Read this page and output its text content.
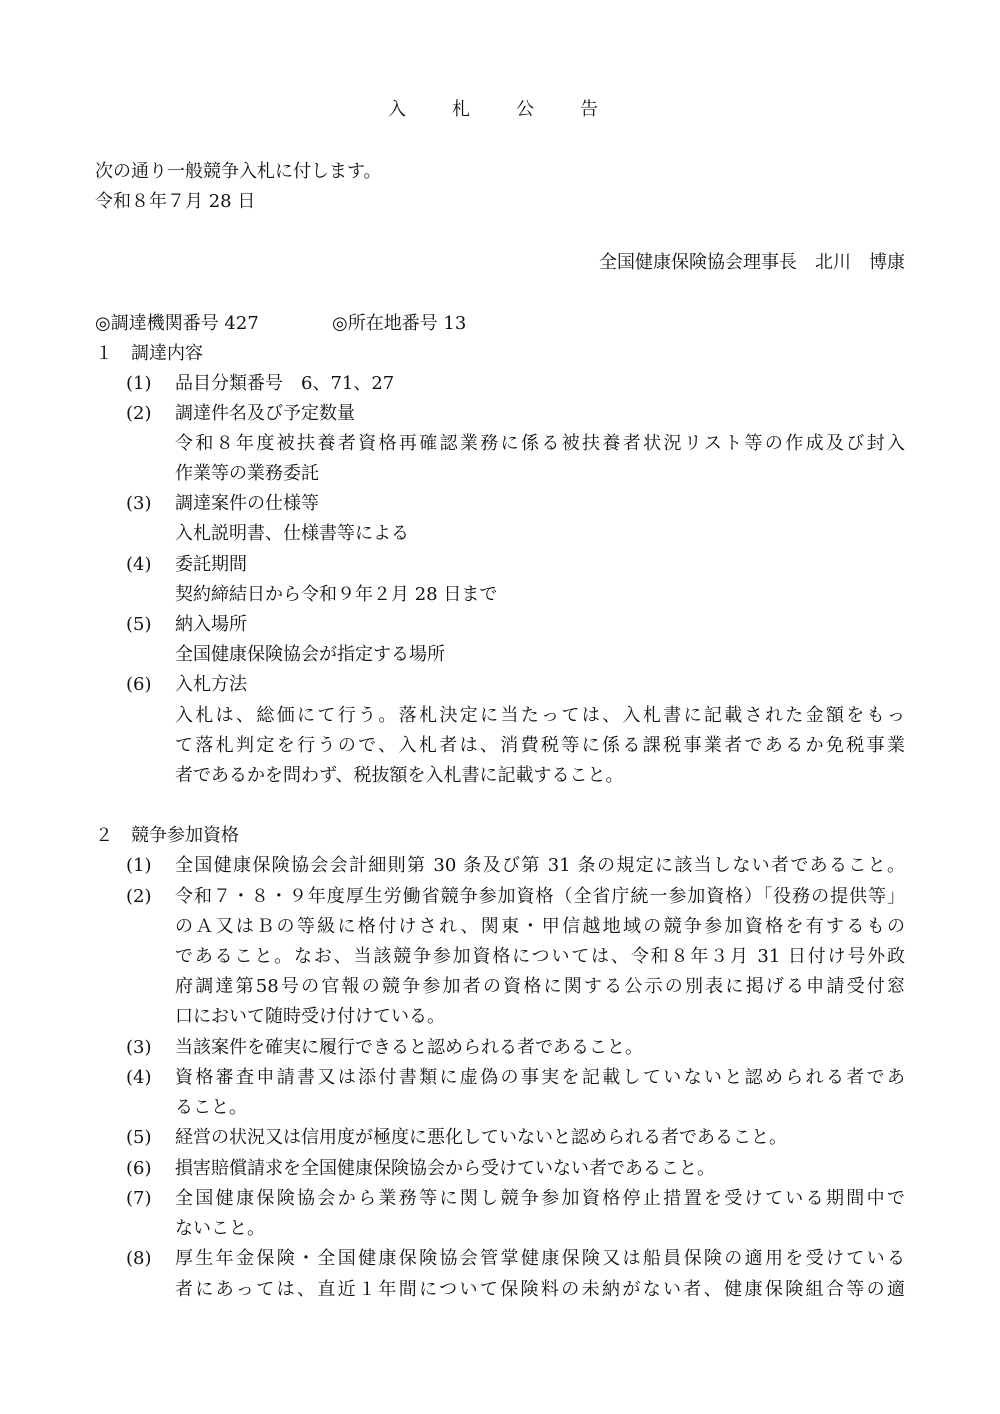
入　札　公　告
次の通り一般競争入札に付します。
令和８年７月 28 日
全国健康保険協会理事長　北川　博康
◎調達機関番号 427	◎所在地番号 13
１　調達内容
(1) 品目分類番号　6、71、27
(2) 調達件名及び予定数量
令和８年度被扶養者資格再確認業務に係る被扶養者状況リスト等の作成及び封入
作業等の業務委託
(3) 調達案件の仕様等
入札説明書、仕様書等による
(4) 委託期間
契約締結日から令和９年２月 28 日まで
(5) 納入場所
全国健康保険協会が指定する場所
(6) 入札方法
入札は、総価にて行う。落札決定に当たっては、入札書に記載された金額をもっ
て落札判定を行うので、入札者は、消費税等に係る課税事業者であるか免税事業
者であるかを問わず、税抜額を入札書に記載すること。
２　競争参加資格
(1) 全国健康保険協会会計細則第 30 条及び第 31 条の規定に該当しない者であること。
(2) 令和７・８・９年度厚生労働省競争参加資格（全省庁統一参加資格）「役務の提供等」
のＡ又はＢの等級に格付けされ、関東・甲信越地域の競争参加資格を有するもの
であること。なお、当該競争参加資格については、令和８年３月 31 日付け号外政
府調達第58号の官報の競争参加者の資格に関する公示の別表に掲げる申請受付窓
口において随時受け付けている。
(3) 当該案件を確実に履行できると認められる者であること。
(4) 資格審査申請書又は添付書類に虚偽の事実を記載していないと認められる者であ
ること。
(5) 経営の状況又は信用度が極度に悪化していないと認められる者であること。
(6) 損害賠償請求を全国健康保険協会から受けていない者であること。
(7) 全国健康保険協会から業務等に関し競争参加資格停止措置を受けている期間中で
ないこと。
(8) 厚生年金保険・全国健康保険協会管掌健康保険又は船員保険の適用を受けている
者にあっては、直近１年間について保険料の未納がない者、健康保険組合等の適
